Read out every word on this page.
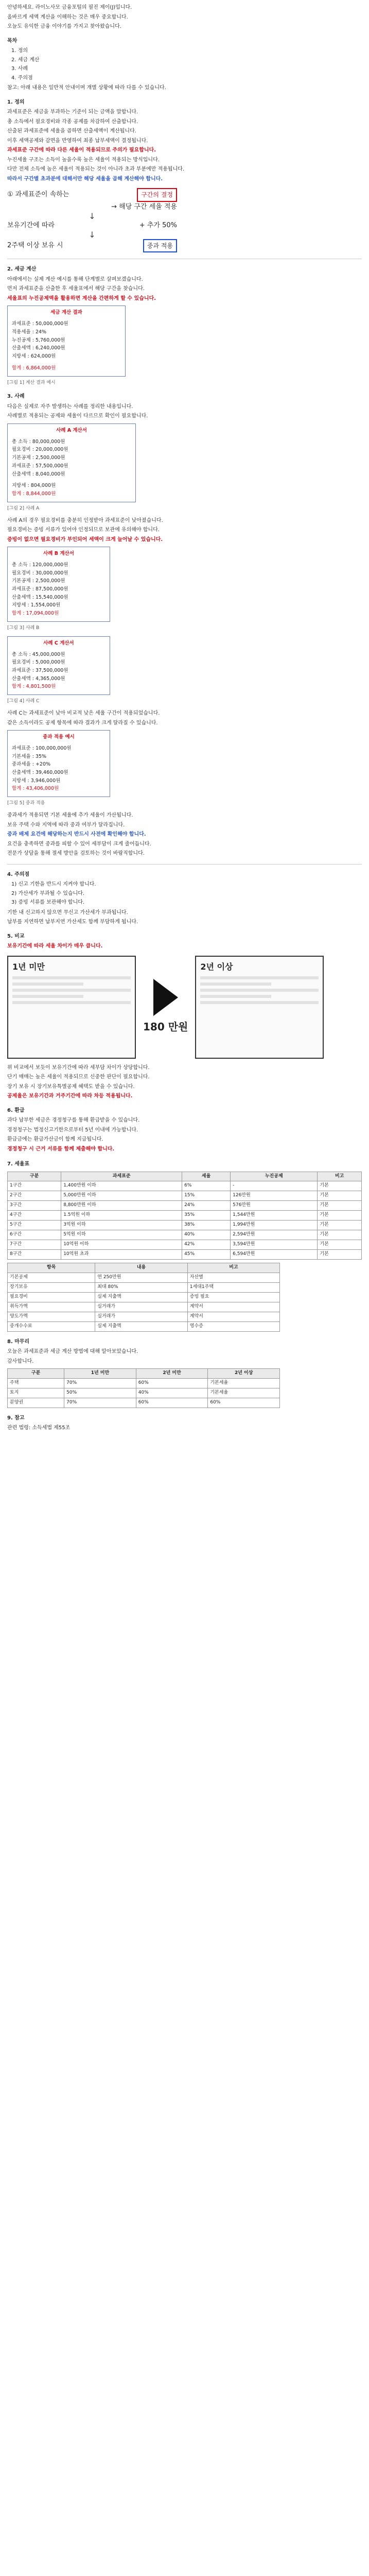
안녕하세요. 라이노사모 금융포털의 필진 제이(J)입니다.
올바르게 세액 계산을 이해하는 것은 매우 중요합니다.
오늘도 유익한 금융 이야기를 가지고 찾아왔습니다.
목차
1. 정의
2. 세금 계산
3. 사례
4. 주의점
참고: 아래 내용은 일반적 안내이며 개별 상황에 따라 다를 수 있습니다.
1. 정의
과세표준은 세금을 부과하는 기준이 되는 금액을 말합니다.
총 소득에서 필요경비와 각종 공제를 차감하여 산출합니다.
산출된 과세표준에 세율을 곱하면 산출세액이 계산됩니다.
이후 세액공제와 감면을 반영하여 최종 납부세액이 결정됩니다.
과세표준 구간에 따라 다른 세율이 적용되므로 주의가 필요합니다.
누진세율 구조는 소득이 높을수록 높은 세율이 적용되는 방식입니다.
다만 전체 소득에 높은 세율이 적용되는 것이 아니라 초과 부분에만 적용됩니다.
따라서 구간별 초과분에 대해서만 해당 세율을 곱해 계산해야 합니다.
① 과세표준이 속하는	구간의 결정
→ 해당 구간 세율 적용
↓
보유기간에 따라	+ 추가 50%
↓
2주택 이상 보유 시	중과 적용
2. 세금 계산
아래에서는 실제 계산 예시를 통해 단계별로 살펴보겠습니다.
먼저 과세표준을 산출한 후 세율표에서 해당 구간을 찾습니다.
세율표의 누진공제액을 활용하면 계산을 간편하게 할 수 있습니다.
세금 계산 결과
과세표준 : 50,000,000원
적용세율 : 24%
누진공제 : 5,760,000원
산출세액 : 6,240,000원
지방세 : 624,000원
합계 : 6,864,000원
[그림 1] 계산 결과 예시
3. 사례
다음은 실제로 자주 발생하는 사례를 정리한 내용입니다.
사례별로 적용되는 공제와 세율이 다르므로 확인이 필요합니다.
사례 A 계산서
총 소득 : 80,000,000원
필요경비 : 20,000,000원
기본공제 : 2,500,000원
과세표준 : 57,500,000원
산출세액 : 8,040,000원
지방세 : 804,000원
합계 : 8,844,000원
[그림 2] 사례 A
사례 A의 경우 필요경비를 충분히 인정받아 과세표준이 낮아졌습니다.
필요경비는 증빙 서류가 있어야 인정되므로 보관에 유의해야 합니다.
증빙이 없으면 필요경비가 부인되어 세액이 크게 늘어날 수 있습니다.
사례 B 계산서
총 소득 : 120,000,000원
필요경비 : 30,000,000원
기본공제 : 2,500,000원
과세표준 : 87,500,000원
산출세액 : 15,540,000원
지방세 : 1,554,000원
합계 : 17,094,000원
[그림 3] 사례 B
사례 C 계산서
총 소득 : 45,000,000원
필요경비 : 5,000,000원
과세표준 : 37,500,000원
산출세액 : 4,365,000원
합계 : 4,801,500원
[그림 4] 사례 C
사례 C는 과세표준이 낮아 비교적 낮은 세율 구간이 적용되었습니다.
같은 소득이라도 공제 항목에 따라 결과가 크게 달라질 수 있습니다.
중과 적용 예시
과세표준 : 100,000,000원
기본세율 : 35%
중과세율 : +20%
산출세액 : 39,460,000원
지방세 : 3,946,000원
합계 : 43,406,000원
[그림 5] 중과 적용
중과세가 적용되면 기본 세율에 추가 세율이 가산됩니다.
보유 주택 수와 지역에 따라 중과 여부가 달라집니다.
중과 배제 요건에 해당하는지 반드시 사전에 확인해야 합니다.
요건을 충족하면 중과를 피할 수 있어 세부담이 크게 줄어듭니다.
전문가 상담을 통해 절세 방안을 검토하는 것이 바람직합니다.
4. 주의점
1) 신고 기한을 반드시 지켜야 합니다.
2) 가산세가 부과될 수 있습니다.
3) 증빙 서류를 보관해야 합니다.
기한 내 신고하지 않으면 무신고 가산세가 부과됩니다.
납부를 지연하면 납부지연 가산세도 함께 부담하게 됩니다.
5. 비교
보유기간에 따라 세율 차이가 매우 큽니다.
1년 미만
180 만원
2년 이상
위 비교에서 보듯이 보유기간에 따라 세부담 차이가 상당합니다.
단기 매매는 높은 세율이 적용되므로 신중한 판단이 필요합니다.
장기 보유 시 장기보유특별공제 혜택도 받을 수 있습니다.
공제율은 보유기간과 거주기간에 따라 차등 적용됩니다.
6. 환급
과다 납부한 세금은 경정청구를 통해 환급받을 수 있습니다.
경정청구는 법정신고기한으로부터 5년 이내에 가능합니다.
환급금에는 환급가산금이 함께 지급됩니다.
경정청구 시 근거 서류를 함께 제출해야 합니다.
7. 세율표
구분	과세표준	세율	누진공제	비고
1구간	1,400만원 이하	6%	-	기본
2구간	5,000만원 이하	15%	126만원	기본
3구간	8,800만원 이하	24%	576만원	기본
4구간	1.5억원 이하	35%	1,544만원	기본
5구간	3억원 이하	38%	1,994만원	기본
6구간	5억원 이하	40%	2,594만원	기본
7구간	10억원 이하	42%	3,594만원	기본
8구간	10억원 초과	45%	6,594만원	기본
항목	내용	비고
기본공제	연 250만원	자산별
장기보유	최대 80%	1세대1주택
필요경비	실제 지출액	증빙 필요
취득가액	실거래가	계약서
양도가액	실거래가	계약서
중개수수료	실제 지출액	영수증
8. 마무리
오늘은 과세표준과 세금 계산 방법에 대해 알아보았습니다.
감사합니다.
구분	1년 미만	2년 미만	2년 이상
주택	70%	60%	기본세율
토지	50%	40%	기본세율
분양권	70%	60%	60%
9. 참고
관련 법령: 소득세법 제55조
